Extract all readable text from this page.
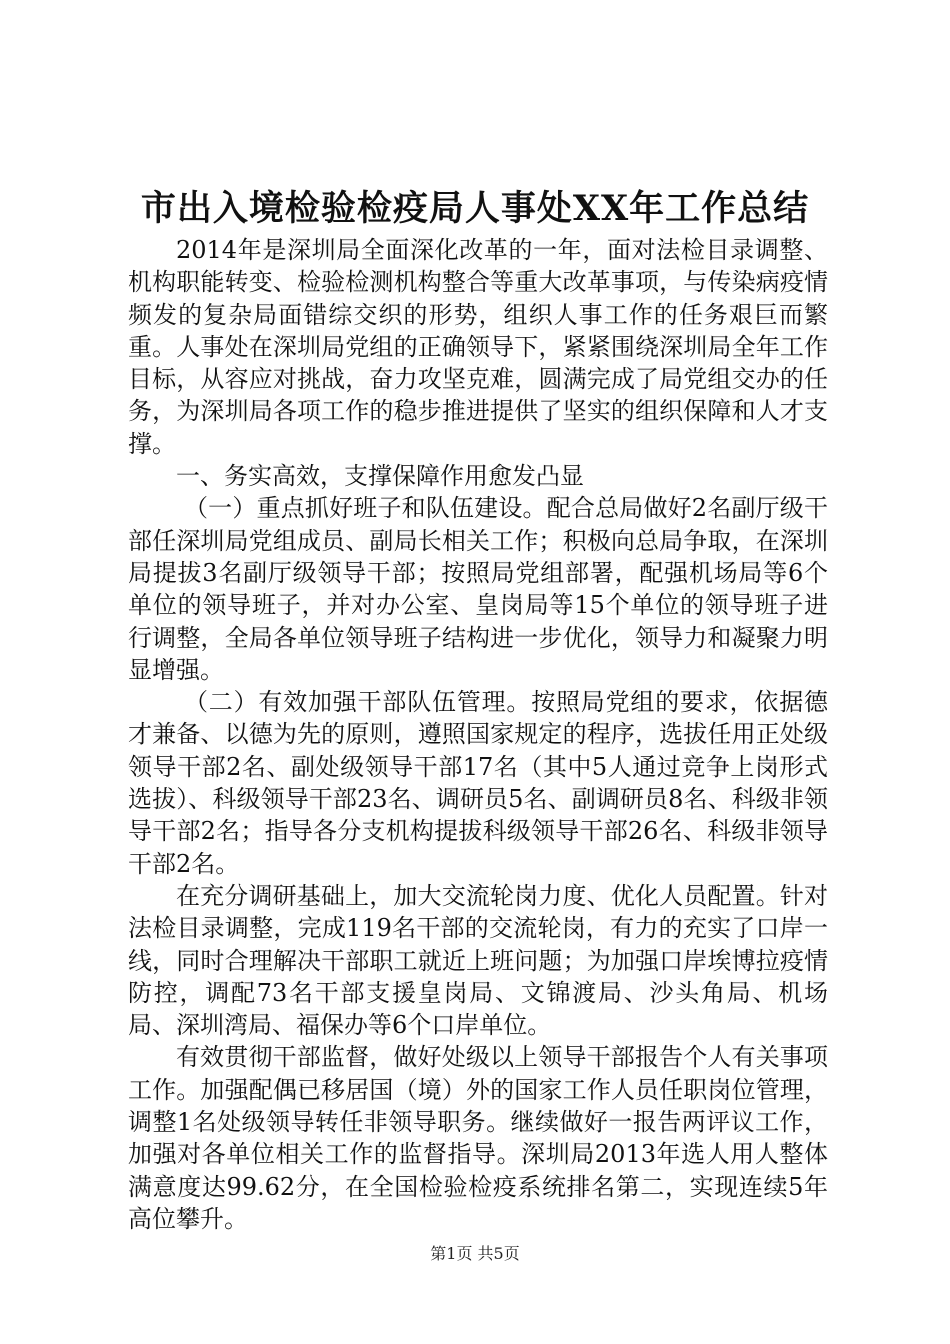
市出入境检验检疫局人事处XX年工作总结

2014年是深圳局全面深化改革的一年，面对法检目录调整、机构职能转变、检验检测机构整合等重大改革事项，与传染病疫情频发的复杂局面错综交织的形势，组织人事工作的任务艰巨而繁重。人事处在深圳局党组的正确领导下，紧紧围绕深圳局全年工作目标，从容应对挑战，奋力攻坚克难，圆满完成了局党组交办的任务，为深圳局各项工作的稳步推进提供了坚实的组织保障和人才支撑。

一、务实高效，支撑保障作用愈发凸显

（一）重点抓好班子和队伍建设。配合总局做好2名副厅级干部任深圳局党组成员、副局长相关工作；积极向总局争取，在深圳局提拔3名副厅级领导干部；按照局党组部署，配强机场局等6个单位的领导班子，并对办公室、皇岗局等15个单位的领导班子进行调整，全局各单位领导班子结构进一步优化，领导力和凝聚力明显增强。

（二）有效加强干部队伍管理。按照局党组的要求，依据德才兼备、以德为先的原则，遵照国家规定的程序，选拔任用正处级领导干部2名、副处级领导干部17名（其中5人通过竞争上岗形式选拔）、科级领导干部23名、调研员5名、副调研员8名、科级非领导干部2名；指导各分支机构提拔科级领导干部26名、科级非领导干部2名。

在充分调研基础上，加大交流轮岗力度、优化人员配置。针对法检目录调整，完成119名干部的交流轮岗，有力的充实了口岸一线，同时合理解决干部职工就近上班问题；为加强口岸埃博拉疫情防控，调配73名干部支援皇岗局、文锦渡局、沙头角局、机场局、深圳湾局、福保办等6个口岸单位。

有效贯彻干部监督，做好处级以上领导干部报告个人有关事项工作。加强配偶已移居国（境）外的国家工作人员任职岗位管理，调整1名处级领导转任非领导职务。继续做好一报告两评议工作，加强对各单位相关工作的监督指导。深圳局2013年选人用人整体满意度达99.62分，在全国检验检疫系统排名第二，实现连续5年高位攀升。

第1页 共5页
